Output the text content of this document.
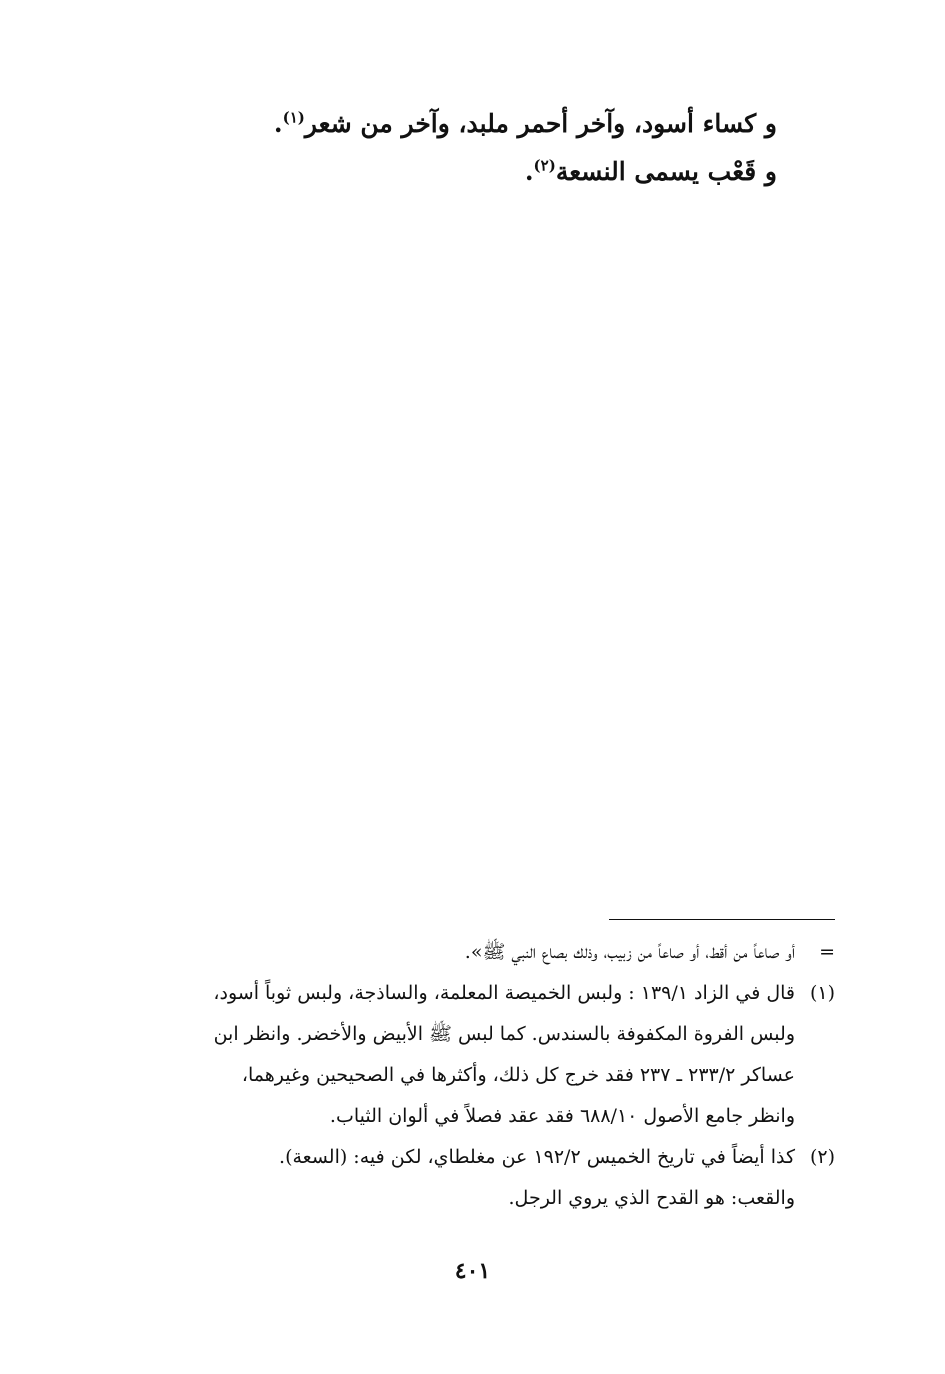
و كساء أسود، وآخر أحمر ملبد، وآخر من شعر$^{(١)}$.
و قَعْب يسمى النسعة$^{(٢)}$.
=
أو صاعاً من أقط، أو صاعاً من زبيب، وذلك بصاع النبي ﷺ».
(١)
قال في الزاد ١٣٩/١ : ولبس الخميصة المعلمة، والساذجة، ولبس ثوباً أسود،
ولبس الفروة المكفوفة بالسندس. كما لبس ﷺ الأبيض والأخضر. وانظر ابن
عساكر ٢٣٣/٢ ـ ٢٣٧ فقد خرج كل ذلك، وأكثرها في الصحيحين وغيرهما،
وانظر جامع الأصول ٦٨٨/١٠ فقد عقد فصلاً في ألوان الثياب.
(٢)
كذا أيضاً في تاريخ الخميس ١٩٢/٢ عن مغلطاي، لكن فيه: (السعة).
والقعب: هو القدح الذي يروي الرجل.
٤٠١
